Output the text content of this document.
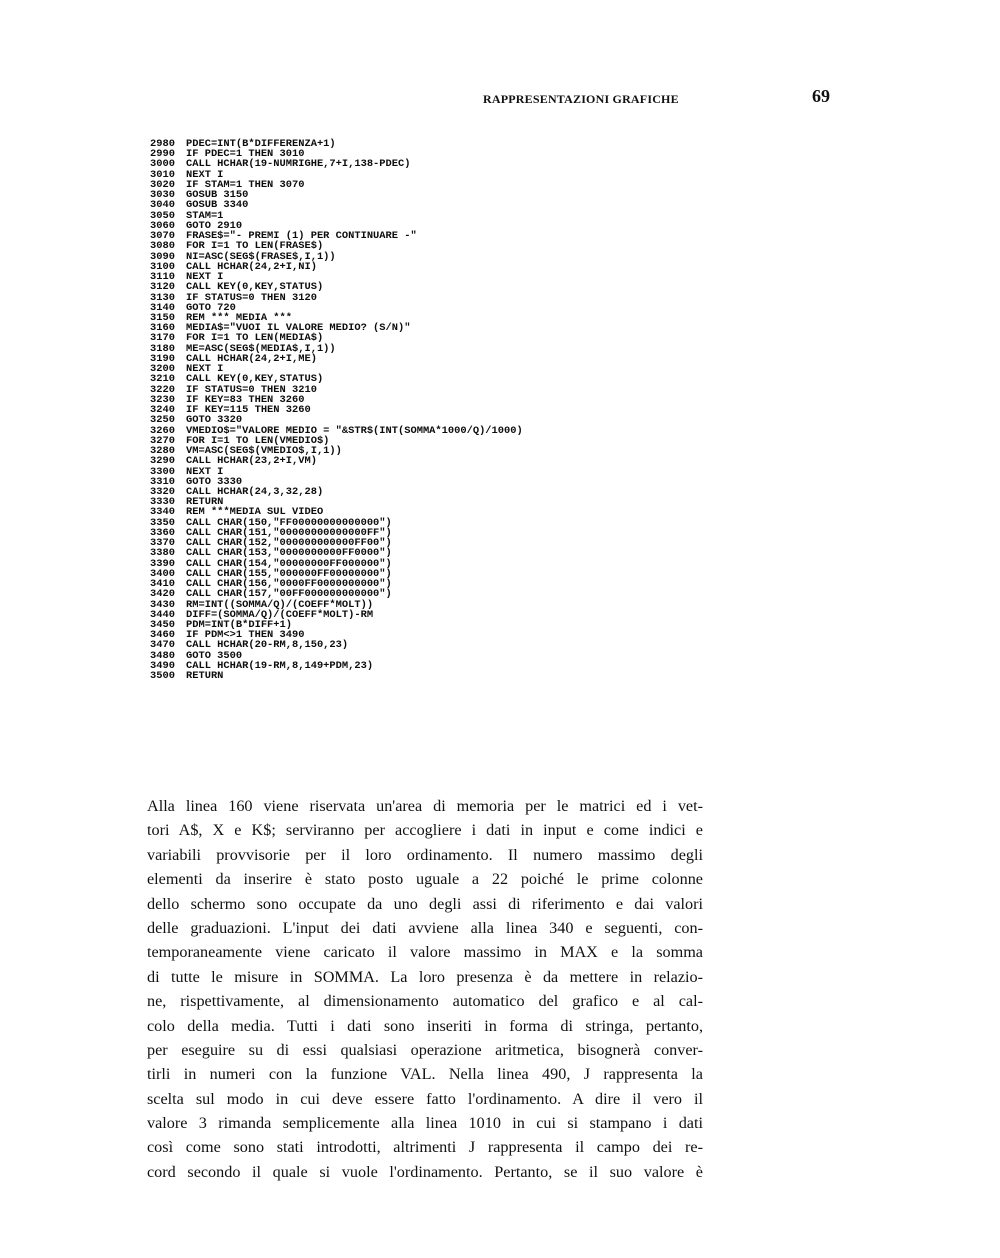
RAPPRESENTAZIONI GRAFICHE	69
2980 PDEC=INT(B*DIFFERENZA+1)
2990 IF PDEC=1 THEN 3010
3000 CALL HCHAR(19-NUMRIGHE,7+I,138-PDEC)
3010 NEXT I
3020 IF STAM=1 THEN 3070
3030 GOSUB 3150
3040 GOSUB 3340
3050 STAM=1
3060 GOTO 2910
3070 FRASE$="- PREMI (1) PER CONTINUARE -"
3080 FOR I=1 TO LEN(FRASE$)
3090 NI=ASC(SEG$(FRASE$,I,1))
3100 CALL HCHAR(24,2+I,NI)
3110 NEXT I
3120 CALL KEY(0,KEY,STATUS)
3130 IF STATUS=0 THEN 3120
3140 GOTO 720
3150 REM *** MEDIA ***
3160 MEDIA$="VUOI IL VALORE MEDIO? (S/N)"
3170 FOR I=1 TO LEN(MEDIA$)
3180 ME=ASC(SEG$(MEDIA$,I,1))
3190 CALL HCHAR(24,2+I,ME)
3200 NEXT I
3210 CALL KEY(0,KEY,STATUS)
3220 IF STATUS=0 THEN 3210
3230 IF KEY=83 THEN 3260
3240 IF KEY=115 THEN 3260
3250 GOTO 3320
3260 VMEDIO$="VALORE MEDIO = "&STR$(INT(SOMMA*1000/Q)/1000)
3270 FOR I=1 TO LEN(VMEDIO$)
3280 VM=ASC(SEG$(VMEDIO$,I,1))
3290 CALL HCHAR(23,2+I,VM)
3300 NEXT I
3310 GOTO 3330
3320 CALL HCHAR(24,3,32,28)
3330 RETURN
3340 REM ***MEDIA SUL VIDEO
3350 CALL CHAR(150,"FF00000000000000")
3360 CALL CHAR(151,"00000000000000FF")
3370 CALL CHAR(152,"000000000000FF00")
3380 CALL CHAR(153,"0000000000FF0000")
3390 CALL CHAR(154,"00000000FF000000")
3400 CALL CHAR(155,"000000FF00000000")
3410 CALL CHAR(156,"0000FF0000000000")
3420 CALL CHAR(157,"00FF000000000000")
3430 RM=INT((SOMMA/Q)/(COEFF*MOLT))
3440 DIFF=(SOMMA/Q)/(COEFF*MOLT)-RM
3450 PDM=INT(B*DIFF+1)
3460 IF PDM<>1 THEN 3490
3470 CALL HCHAR(20-RM,8,150,23)
3480 GOTO 3500
3490 CALL HCHAR(19-RM,8,149+PDM,23)
3500 RETURN
Alla linea 160 viene riservata un'area di memoria per le matrici ed i vet-
tori A$, X e K$; serviranno per accogliere i dati in input e come indici e
variabili provvisorie per il loro ordinamento. Il numero massimo degli
elementi da inserire è stato posto uguale a 22 poiché le prime colonne
dello schermo sono occupate da uno degli assi di riferimento e dai valori
delle graduazioni. L'input dei dati avviene alla linea 340 e seguenti, con-
temporaneamente viene caricato il valore massimo in MAX e la somma
di tutte le misure in SOMMA. La loro presenza è da mettere in relazio-
ne, rispettivamente, al dimensionamento automatico del grafico e al cal-
colo della media. Tutti i dati sono inseriti in forma di stringa, pertanto,
per eseguire su di essi qualsiasi operazione aritmetica, bisognerà conver-
tirli in numeri con la funzione VAL. Nella linea 490, J rappresenta la
scelta sul modo in cui deve essere fatto l'ordinamento. A dire il vero il
valore 3 rimanda semplicemente alla linea 1010 in cui si stampano i dati
così come sono stati introdotti, altrimenti J rappresenta il campo dei re-
cord secondo il quale si vuole l'ordinamento. Pertanto, se il suo valore è
